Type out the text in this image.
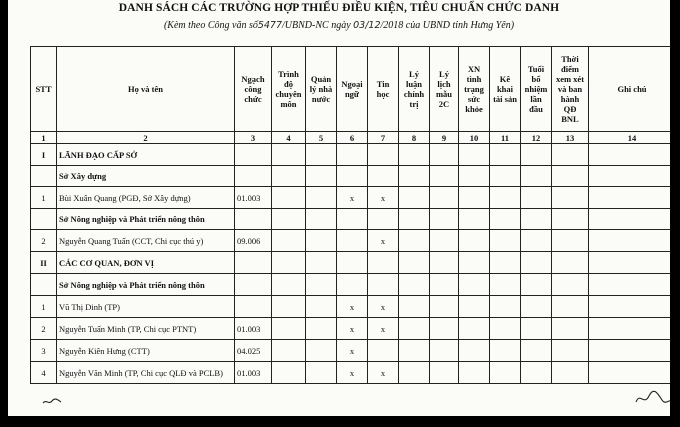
DANH SÁCH CÁC TRƯỜNG HỢP THIẾU ĐIỀU KIỆN, TIÊU CHUẨN CHỨC DANH
(Kèm theo Công văn số5477/UBND-NC ngày 03/12/2018 của UBND tỉnh Hưng Yên)
STT	Họ và tên	Ngạch công chức	Trình độ chuyên môn	Quản lý nhà nước	Ngoại ngữ	Tin học	Lý luận chính trị	Lý lịch mẫu 2C	XN tình trạng sức khỏe	Kê khai tài sản	Tuổi bổ nhiệm lần đầu	Thời điểm xem xét và ban hành QĐ BNL	Ghi chú
1	2	3	4	5	6	7	8	9	10	11	12	13	14
I	LÃNH ĐẠO CẤP SỞ												
	Sở Xây dựng												
1	Bùi Xuân Quang (PGĐ, Sở Xây dựng)	01.003			x	x							
	Sở Nông nghiệp và Phát triển nông thôn												
2	Nguyễn Quang Tuấn (CCT, Chi cục thú y)	09.006				x							
II	CÁC CƠ QUAN, ĐƠN VỊ												
	Sở Nông nghiệp và Phát triển nông thôn												
1	Vũ Thị Dinh (TP)				x	x							
2	Nguyễn Tuấn Minh (TP, Chi cục PTNT)	01.003			x	x							
3	Nguyễn Kiên Hưng (CTT)	04.025			x								
4	Nguyễn Văn Minh (TP, Chi cục QLĐ và PCLB)	01.003			x	x							
